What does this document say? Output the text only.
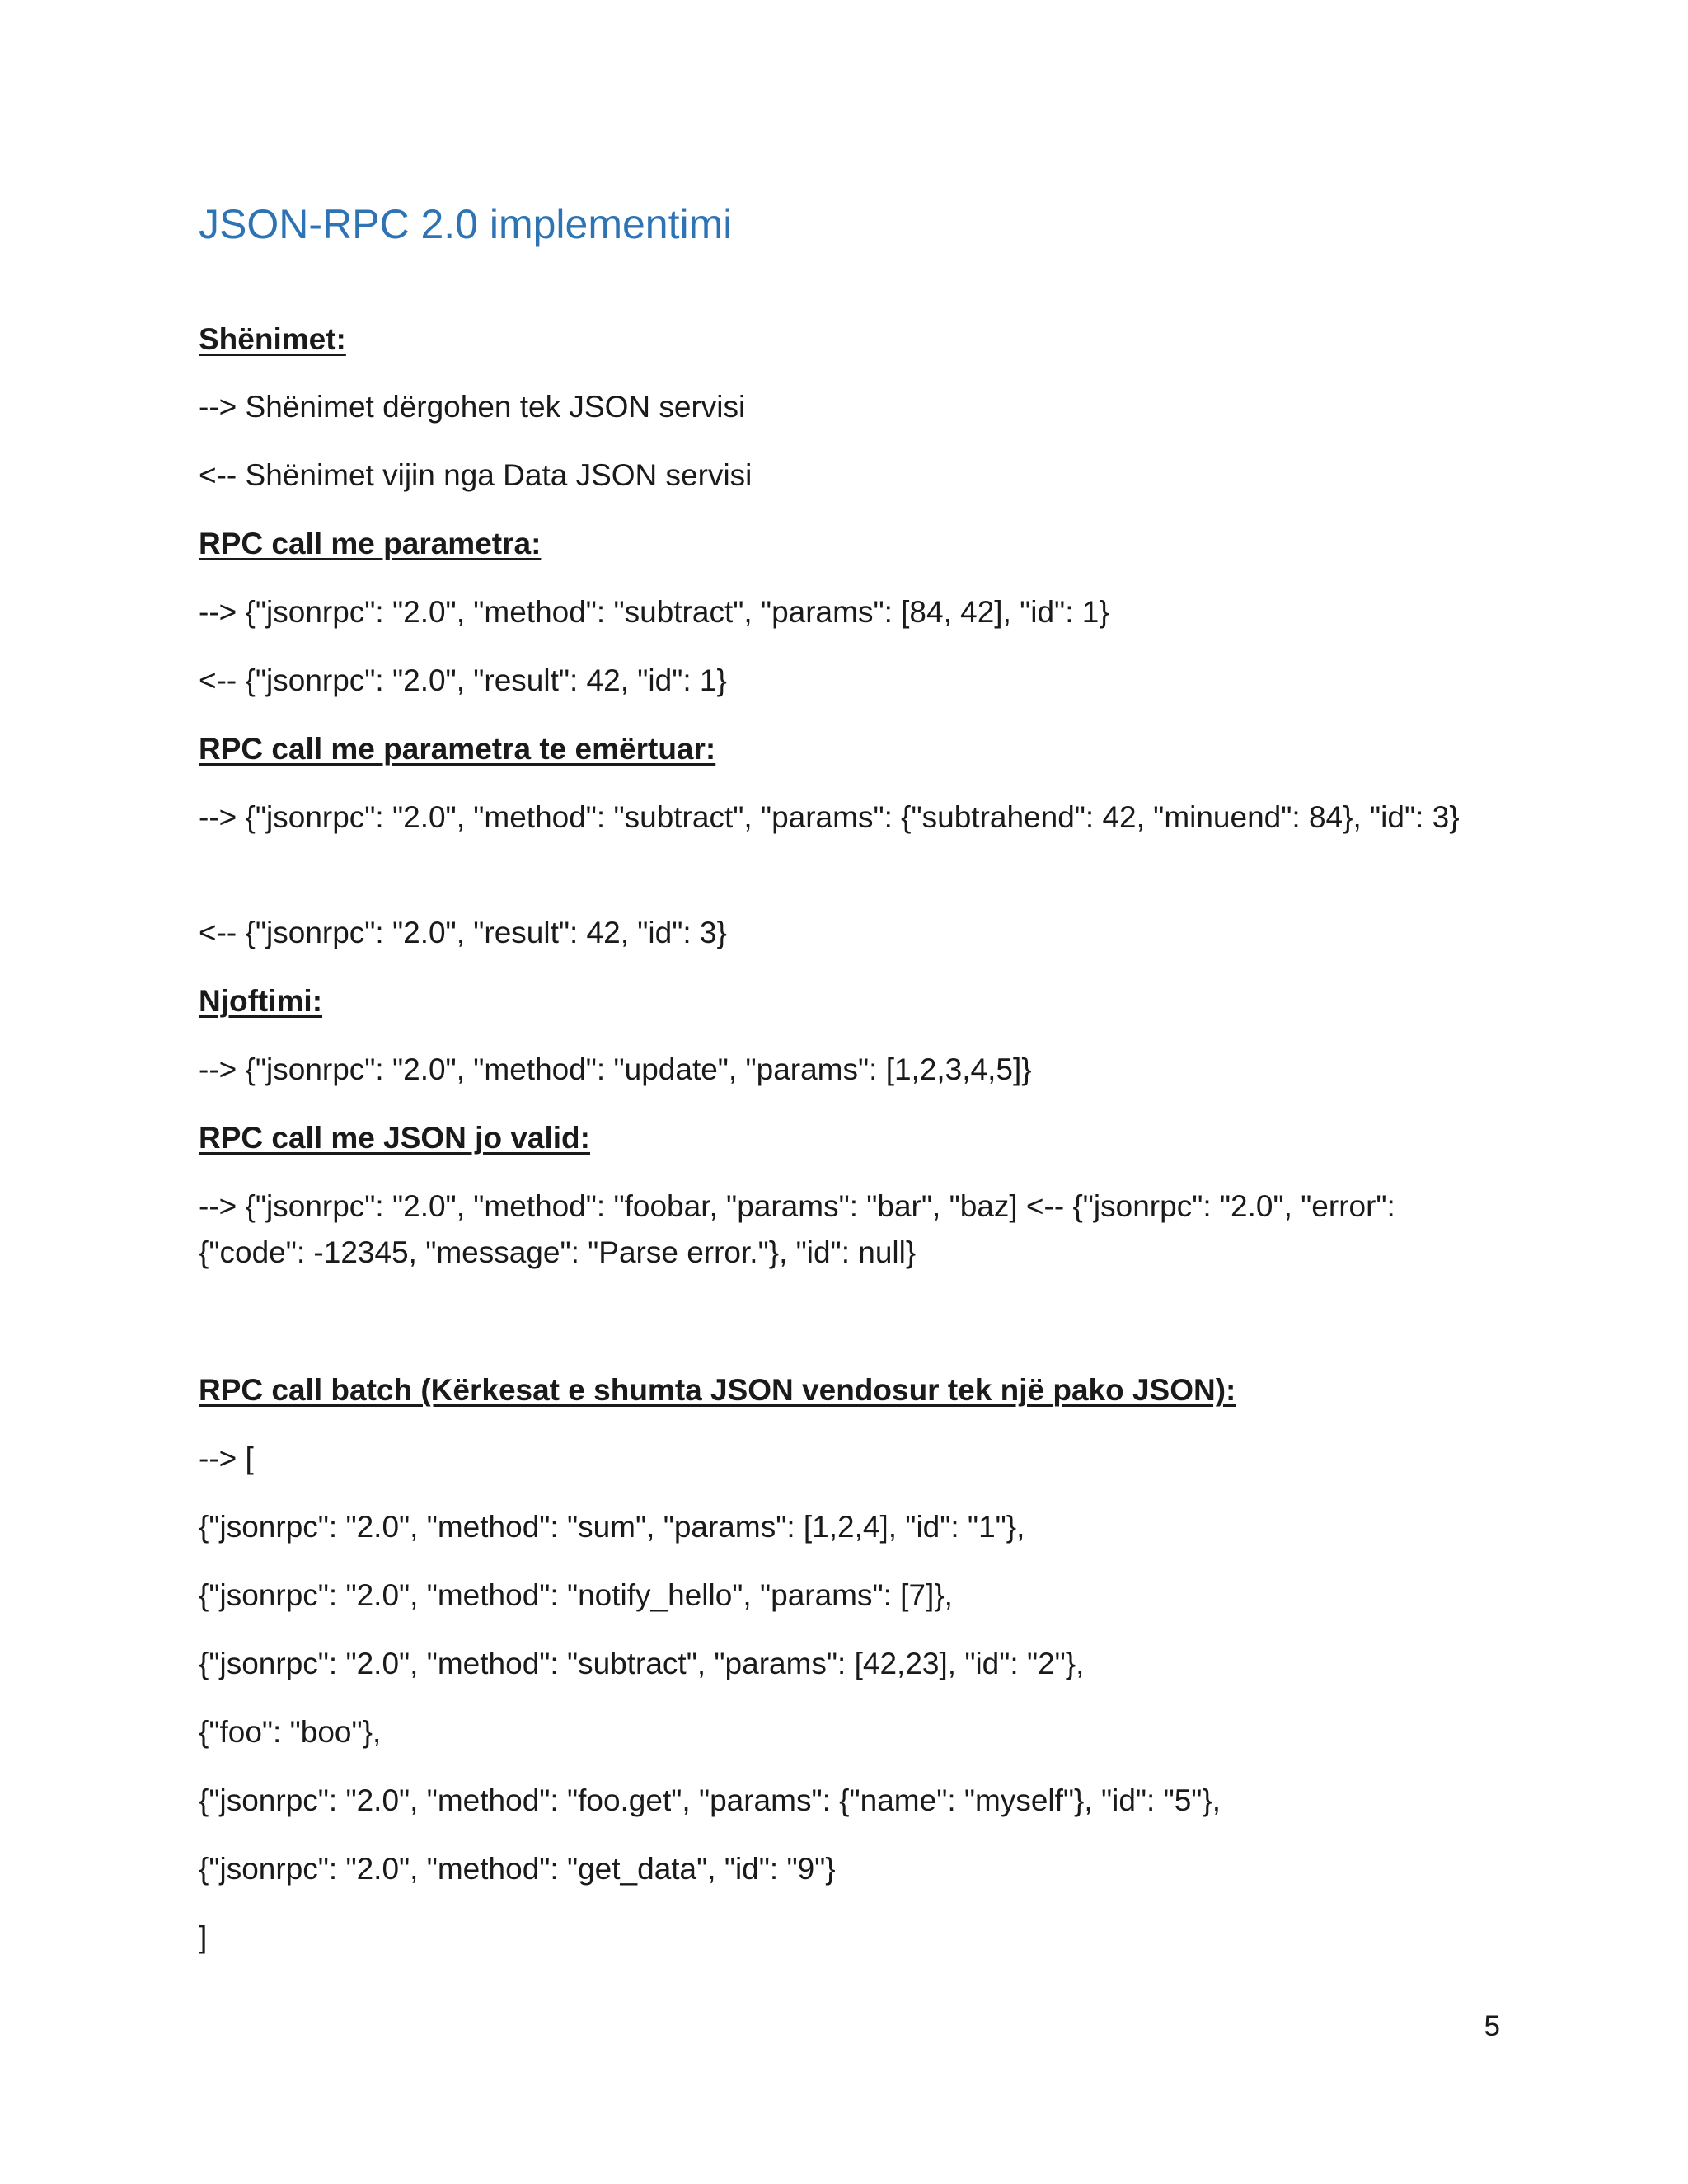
JSON-RPC 2.0 implementimi
Shënimet:
--> Shënimet dërgohen tek JSON servisi
<-- Shënimet vijin nga Data JSON servisi
RPC call me parametra:
--> {"jsonrpc": "2.0", "method": "subtract", "params": [84, 42], "id": 1}
<-- {"jsonrpc": "2.0", "result": 42, "id": 1}
RPC call me parametra te emërtuar:
--> {"jsonrpc": "2.0", "method": "subtract", "params": {"subtrahend": 42, "minuend": 84}, "id": 3}
<-- {"jsonrpc": "2.0", "result": 42, "id": 3}
Njoftimi:
--> {"jsonrpc": "2.0", "method": "update", "params": [1,2,3,4,5]}
RPC call me JSON jo valid:
--> {"jsonrpc": "2.0", "method": "foobar, "params": "bar", "baz] <-- {"jsonrpc": "2.0", "error": {"code": -12345, "message": "Parse error."}, "id": null}
RPC call batch (Kërkesat e shumta JSON vendosur tek një pako JSON):
--> [
{"jsonrpc": "2.0", "method": "sum", "params": [1,2,4], "id": "1"},
{"jsonrpc": "2.0", "method": "notify_hello", "params": [7]},
{"jsonrpc": "2.0", "method": "subtract", "params": [42,23], "id": "2"},
{"foo": "boo"},
{"jsonrpc": "2.0", "method": "foo.get", "params": {"name": "myself"}, "id": "5"},
{"jsonrpc": "2.0", "method": "get_data", "id": "9"}
]
5
